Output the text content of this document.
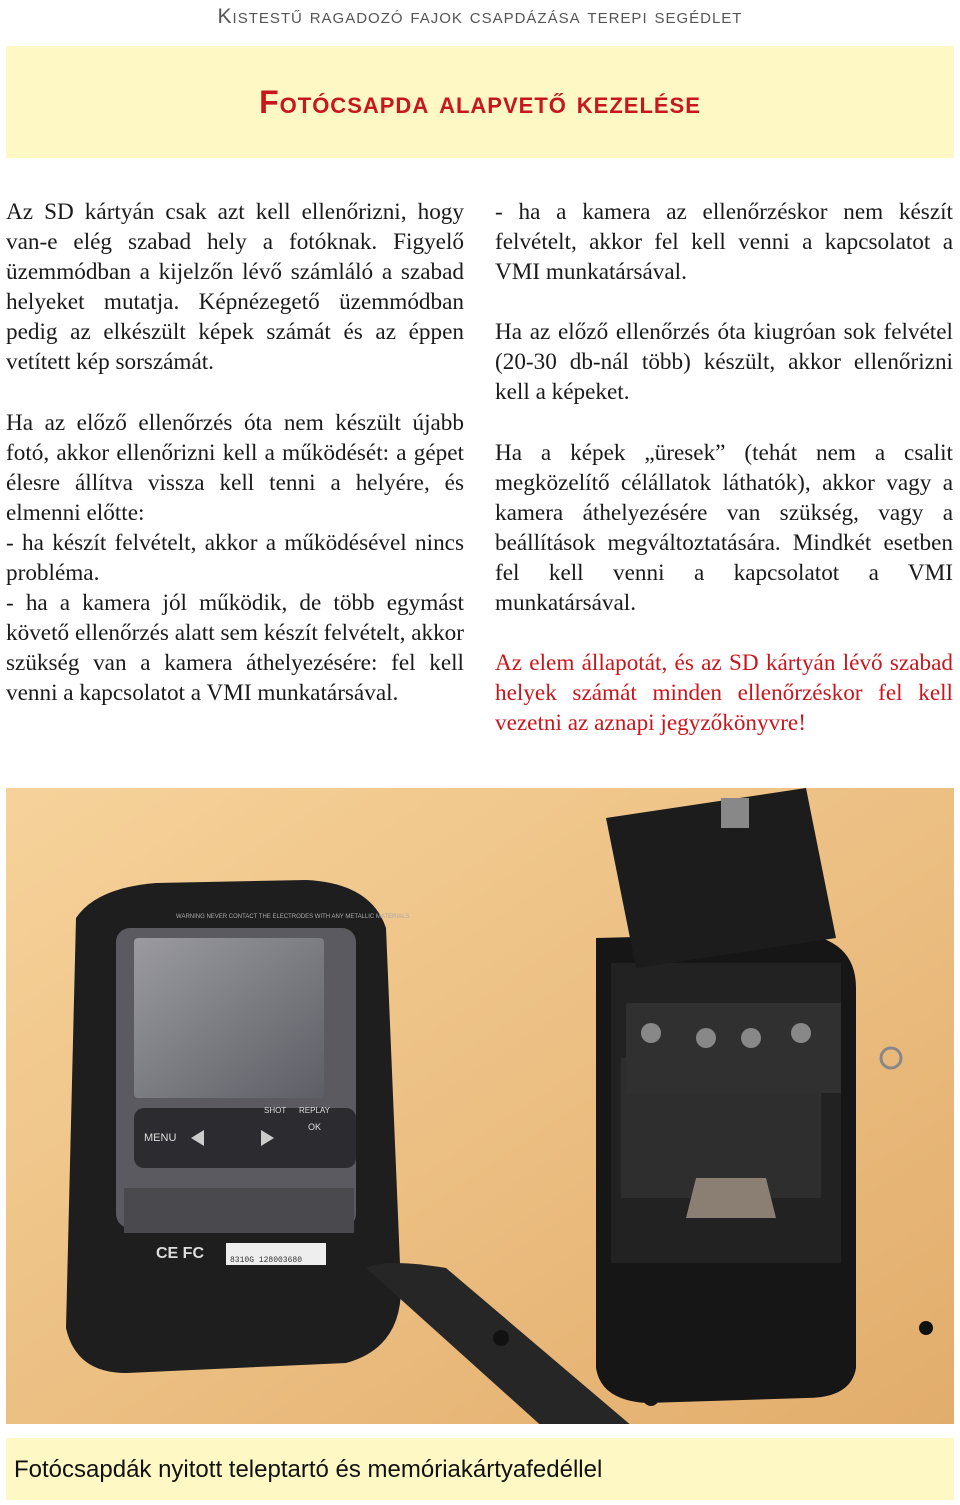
Kistestű ragadozó fajok csapdázása terepi segédlet
Fotócsapda alapvető kezelése

Az SD kártyán csak azt kell ellenőrizni, hogy van-e elég szabad hely a fotóknak. Figyelő üzemmódban a kijelzőn lévő számláló a szabad helyeket mutatja. Képnézegető üzemmódban pedig az elkészült képek számát és az éppen vetített kép sorszámát.

Ha az előző ellenőrzés óta nem készült újabb fotó, akkor ellenőrizni kell a működését: a gépet élesre állítva vissza kell tenni a helyére, és elmenni előtte:

- ha készít felvételt, akkor a működésével nincs probléma.

- ha a kamera jól működik, de több egymást követő ellenőrzés alatt sem készít felvételt, akkor szükség van a kamera áthelyezésére: fel kell venni a kapcsolatot a VMI munkatársával.

- ha a kamera az ellenőrzéskor nem készít felvételt, akkor fel kell venni a kapcsolatot a VMI munkatársával.

Ha az előző ellenőrzés óta kiugróan sok felvétel (20-30 db-nál több) készült, akkor ellenőrizni kell a képeket.

Ha a képek „üresek” (tehát nem a csalit megközelítő célállatok láthatók), akkor vagy a kamera áthelyezésére van szükség, vagy a beállítások megváltoztatására. Mindkét esetben fel kell venni a kapcsolatot a VMI munkatársával.

Az elem állapotát, és az SD kártyán lévő szabad helyek számát minden ellenőrzéskor fel kell vezetni az aznapi jegyzőkönyvre!

WARNING NEVER CONTACT THE ELECTRODES WITH ANY METALLIC MATERIALS
MENU
SHOT REPLAY
OK
CE FC	8310G 128003680
Fotócsapdák nyitott teleptartó és memóriakártyafedéllel
